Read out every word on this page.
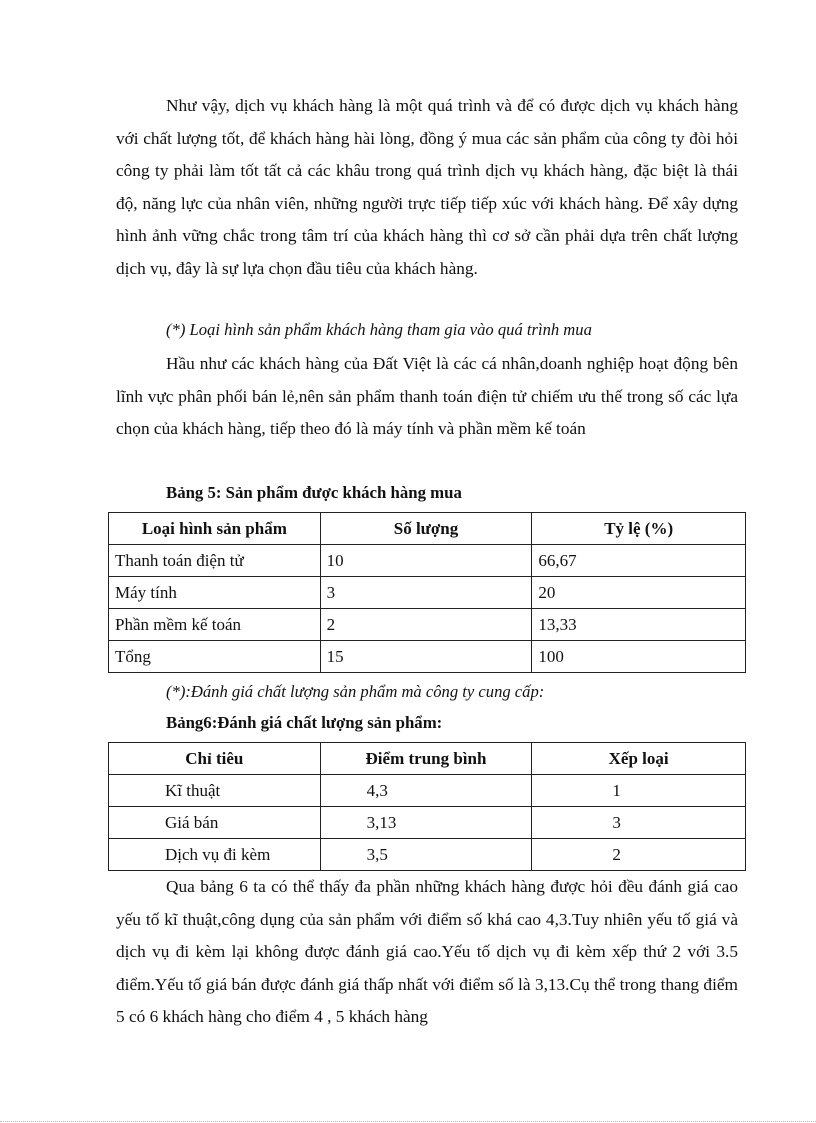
Như vậy, dịch vụ khách hàng là một quá trình và để có được dịch vụ khách hàng với chất lượng tốt, để khách hàng hài lòng, đồng ý mua các sản phẩm của công ty đòi hỏi công ty phải làm tốt tất cả các khâu trong quá trình dịch vụ khách hàng, đặc biệt là thái độ, năng lực của nhân viên, những người trực tiếp tiếp xúc với khách hàng. Để xây dựng hình ảnh vững chắc trong tâm trí của khách hàng thì cơ sở cần phải dựa trên chất lượng dịch vụ, đây là sự lựa chọn đầu tiêu của khách hàng.

(*) Loại hình sản phẩm khách hàng tham gia vào quá trình mua

Hầu như các khách hàng của Đất Việt là các cá nhân,doanh nghiệp hoạt động bên lĩnh vực phân phối bán lẻ,nên sản phẩm thanh toán điện tử chiếm ưu thế trong số các lựa chọn của khách hàng, tiếp theo đó là máy tính và phần mềm kế toán

Bảng 5: Sản phẩm được khách hàng mua

Loại hình sản phẩm	Số lượng	Tỷ lệ (%)
Thanh toán điện tử	10	66,67
Máy tính	3	20
Phần mềm kế toán	2	13,33
Tổng	15	100

(*):Đánh giá chất lượng sản phẩm mà công ty cung cấp:

Bảng6:Đánh giá chất lượng sản phẩm:

Chỉ tiêu	Điểm trung bình	Xếp loại
Kĩ thuật	4,3	1
Giá bán	3,13	3
Dịch vụ đi kèm	3,5	2

Qua bảng 6 ta có thể thấy đa phần những khách hàng được hỏi đều đánh giá cao yếu tố kĩ thuật,công dụng của sản phẩm với điểm số khá cao 4,3.Tuy nhiên yếu tố giá và dịch vụ đi kèm lại không được đánh giá cao.Yếu tố dịch vụ đi kèm xếp thứ 2 với 3.5 điểm.Yếu tố giá bán được đánh giá thấp nhất với điểm số là 3,13.Cụ thể trong thang điểm 5 có 6 khách hàng cho điểm 4 , 5 khách hàng
